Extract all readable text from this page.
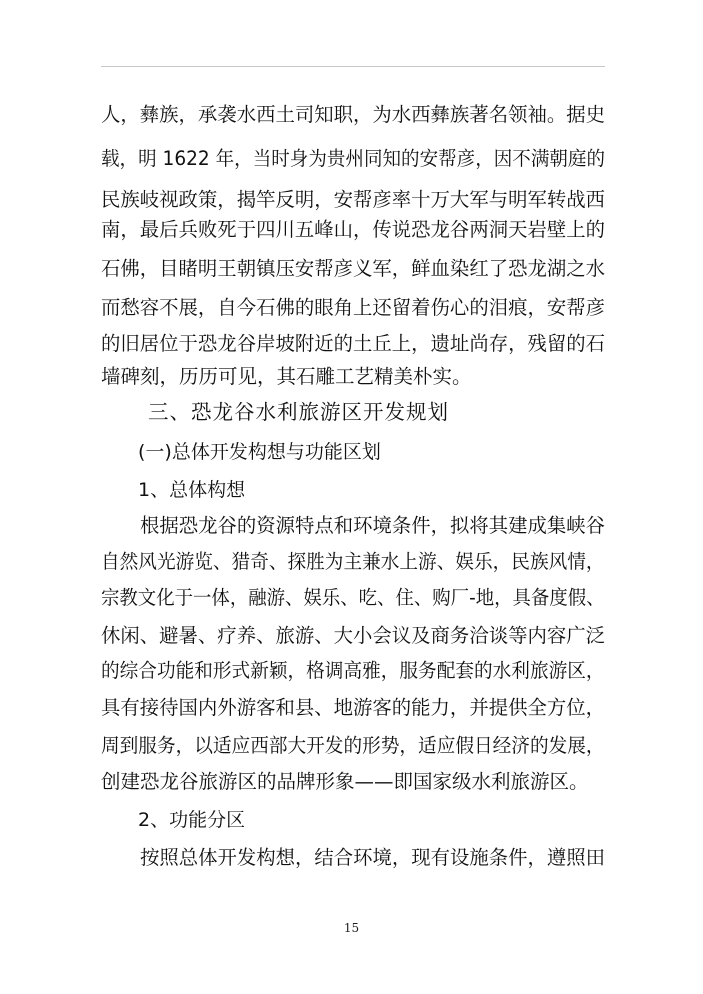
人，彝族，承袭水西土司知职，为水西彝族著名领袖。据史
载，明 1622 年，当时身为贵州同知的安帮彦，因不满朝庭的
民族岐视政策，揭竿反明，安帮彦率十万大军与明军转战西
南，最后兵败死于四川五峰山，传说恐龙谷两洞天岩壁上的
石佛，目睹明王朝镇压安帮彦义军，鲜血染红了恐龙湖之水
而愁容不展，自今石佛的眼角上还留着伤心的泪痕，安帮彦
的旧居位于恐龙谷岸坡附近的土丘上，遗址尚存，残留的石
墙碑刻，历历可见，其石雕工艺精美朴实。
三、恐龙谷水利旅游区开发规划
(一)总体开发构想与功能区划
1、总体构想
根据恐龙谷的资源特点和环境条件，拟将其建成集峡谷
自然风光游览、猎奇、探胜为主兼水上游、娱乐，民族风情，
宗教文化于一体，融游、娱乐、吃、住、购厂-地，具备度假、
休闲、避暑、疗养、旅游、大小会议及商务洽谈等内容广泛
的综合功能和形式新颖，格调高雅，服务配套的水利旅游区，
具有接待国内外游客和县、地游客的能力，并提供全方位，
周到服务，以适应西部大开发的形势，适应假日经济的发展，
创建恐龙谷旅游区的品牌形象——即国家级水利旅游区。
2、功能分区
按照总体开发构想，结合环境，现有设施条件，遵照田
15
